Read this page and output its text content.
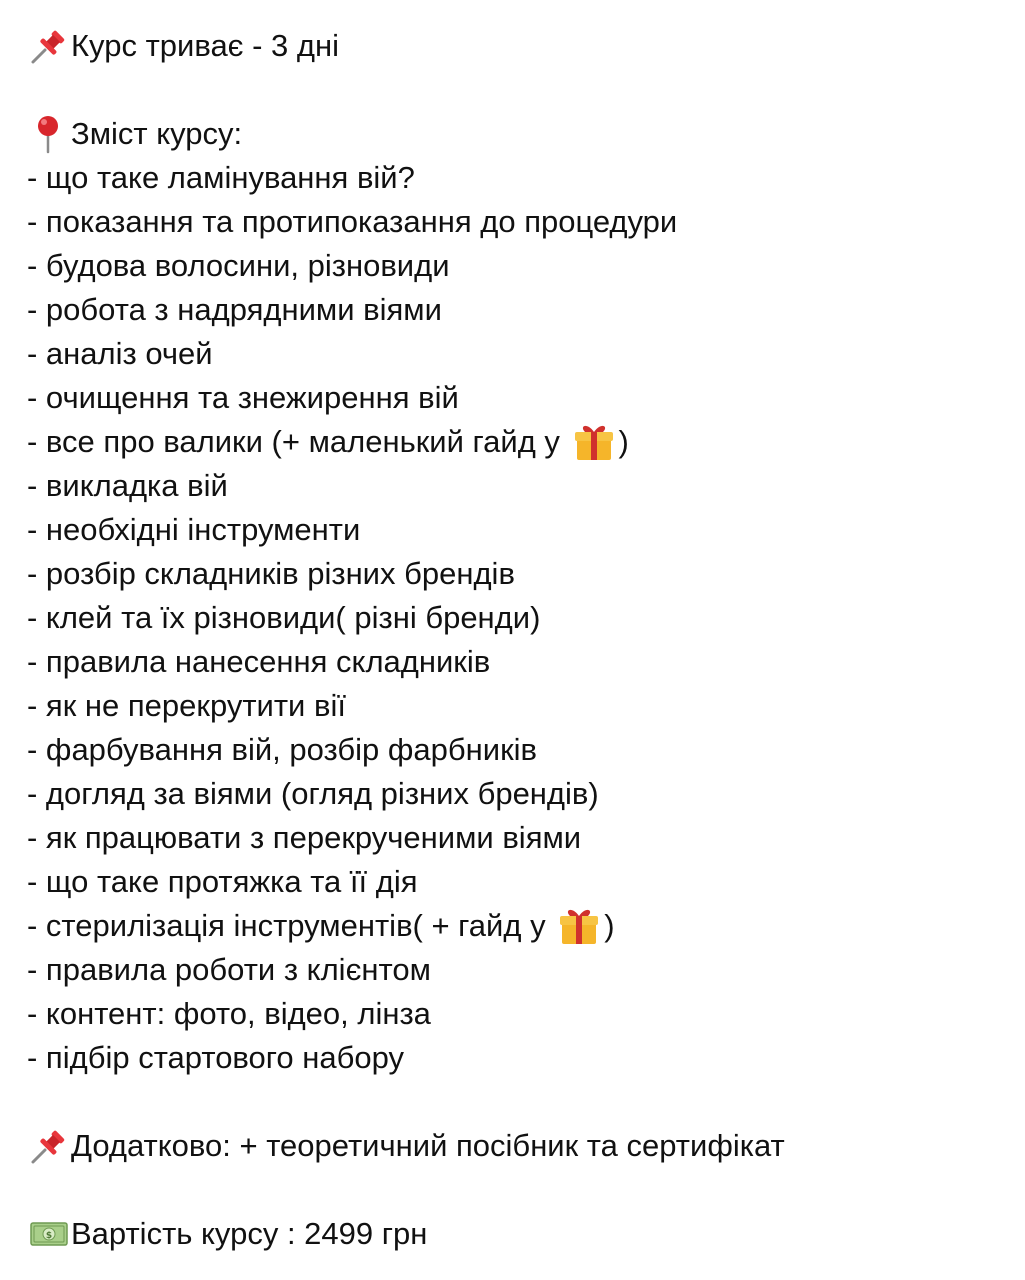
Курс триває - 3 дні
Зміст курсу:
- що таке ламінування вій?
- показання та протипоказання до процедури
- будова волосини, різновиди
- робота з надрядними віями
- аналіз очей
- очищення та знежирення вій
- все про валики (+ маленький гайд у )
- викладка вій
- необхідні інструменти
- розбір складників різних брендів
- клей та їх різновиди( різні бренди)
- правила нанесення складників
- як не перекрутити вії
- фарбування вій, розбір фарбників
- догляд за віями (огляд різних брендів)
- як працювати з перекрученими віями
- що таке протяжка та її дія
- стерилізація інструментів( + гайд у )
- правила роботи з клієнтом
- контент: фото, відео, лінза
- підбір стартового набору
Додатково: + теоретичний посібник та сертифікат
$ Вартість курсу : 2499 грн
